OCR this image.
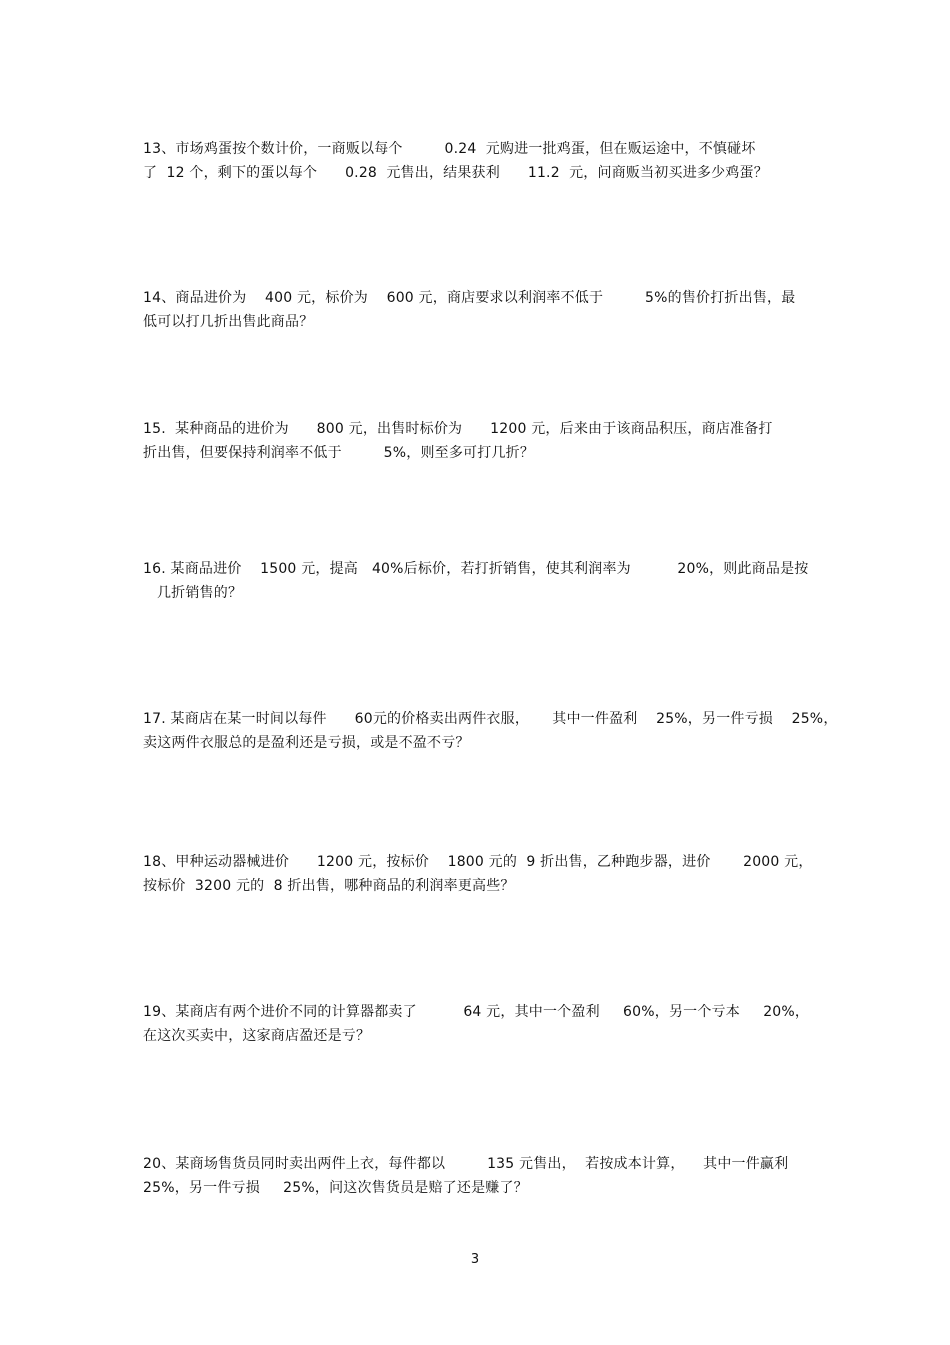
13、市场鸡蛋按个数计价，一商贩以每个         0.24  元购进一批鸡蛋，但在贩运途中，不慎碰坏
了  12 个，剩下的蛋以每个      0.28  元售出，结果获利      11.2  元，问商贩当初买进多少鸡蛋？
14、商品进价为    400 元，标价为    600 元，商店要求以利润率不低于         5%的售价打折出售，最
低可以打几折出售此商品？
15.  某种商品的进价为      800 元，出售时标价为      1200 元，后来由于该商品积压，商店准备打
折出售，但要保持利润率不低于         5%，则至多可打几折？
16. 某商品进价    1500 元，提高   40%后标价，若打折销售，使其利润率为          20%，则此商品是按
几折销售的？
17. 某商店在某一时间以每件      60元的价格卖出两件衣服，     其中一件盈利    25%，另一件亏损    25%，
卖这两件衣服总的是盈利还是亏损，或是不盈不亏？
18、甲种运动器械进价      1200 元，按标价    1800 元的  9 折出售，乙种跑步器，进价       2000 元，
按标价  3200 元的  8 折出售，哪种商品的利润率更高些？
19、某商店有两个进价不同的计算器都卖了          64 元，其中一个盈利     60%，另一个亏本     20%，
在这次买卖中，这家商店盈还是亏？
20、某商场售货员同时卖出两件上衣，每件都以         135 元售出，  若按成本计算，    其中一件赢利
25%，另一件亏损     25%，问这次售货员是赔了还是赚了？
3
